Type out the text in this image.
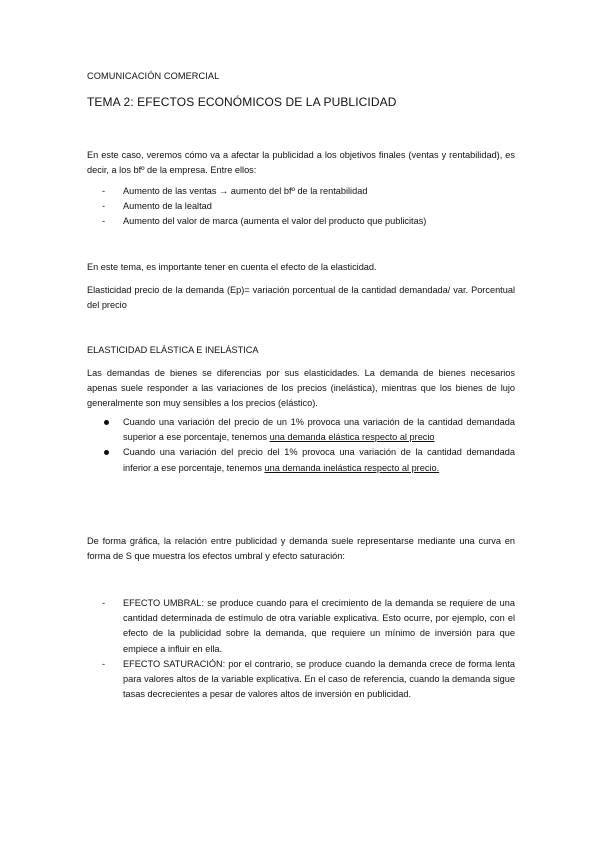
COMUNICACIÓN COMERCIAL
TEMA 2: EFECTOS ECONÓMICOS DE LA PUBLICIDAD

En este caso, veremos cómo va a afectar la publicidad a los objetivos finales (ventas y rentabilidad), es decir, a los bfº de la empresa. Entre ellos:

- Aumento de las ventas → aumento del bfº de la rentabilidad
- Aumento de la lealtad
- Aumento del valor de marca (aumenta el valor del producto que publicitas)

En este tema, es importante tener en cuenta el efecto de la elasticidad.

Elasticidad precio de la demanda (Ep)= variación porcentual de la cantidad demandada/ var. Porcentual del precio

ELASTICIDAD ELÁSTICA E INELÁSTICA

Las demandas de bienes se diferencias por sus elasticidades. La demanda de bienes necesarios apenas suele responder a las variaciones de los precios (inelástica), mientras que los bienes de lujo generalmente son muy sensibles a los precios (elástico).

Cuando una variación del precio de un 1% provoca una variación de la cantidad demandada superior a ese porcentaje, tenemos una demanda elástica respecto al precio
Cuando una variación del precio del 1% provoca una variación de la cantidad demandada inferior a ese porcentaje, tenemos una demanda inelástica respecto al precio.

De forma gráfica, la relación entre publicidad y demanda suele representarse mediante una curva en forma de S que muestra los efectos umbral y efecto saturación:

- EFECTO UMBRAL: se produce cuando para el crecimiento de la demanda se requiere de una cantidad determinada de estímulo de otra variable explicativa. Esto ocurre, por ejemplo, con el efecto de la publicidad sobre la demanda, que requiere un mínimo de inversión para que empiece a influir en ella.
- EFECTO SATURACIÓN: por el contrario, se produce cuando la demanda crece de forma lenta para valores altos de la variable explicativa. En el caso de referencia, cuando la demanda sigue tasas decrecientes a pesar de valores altos de inversión en publicidad.
